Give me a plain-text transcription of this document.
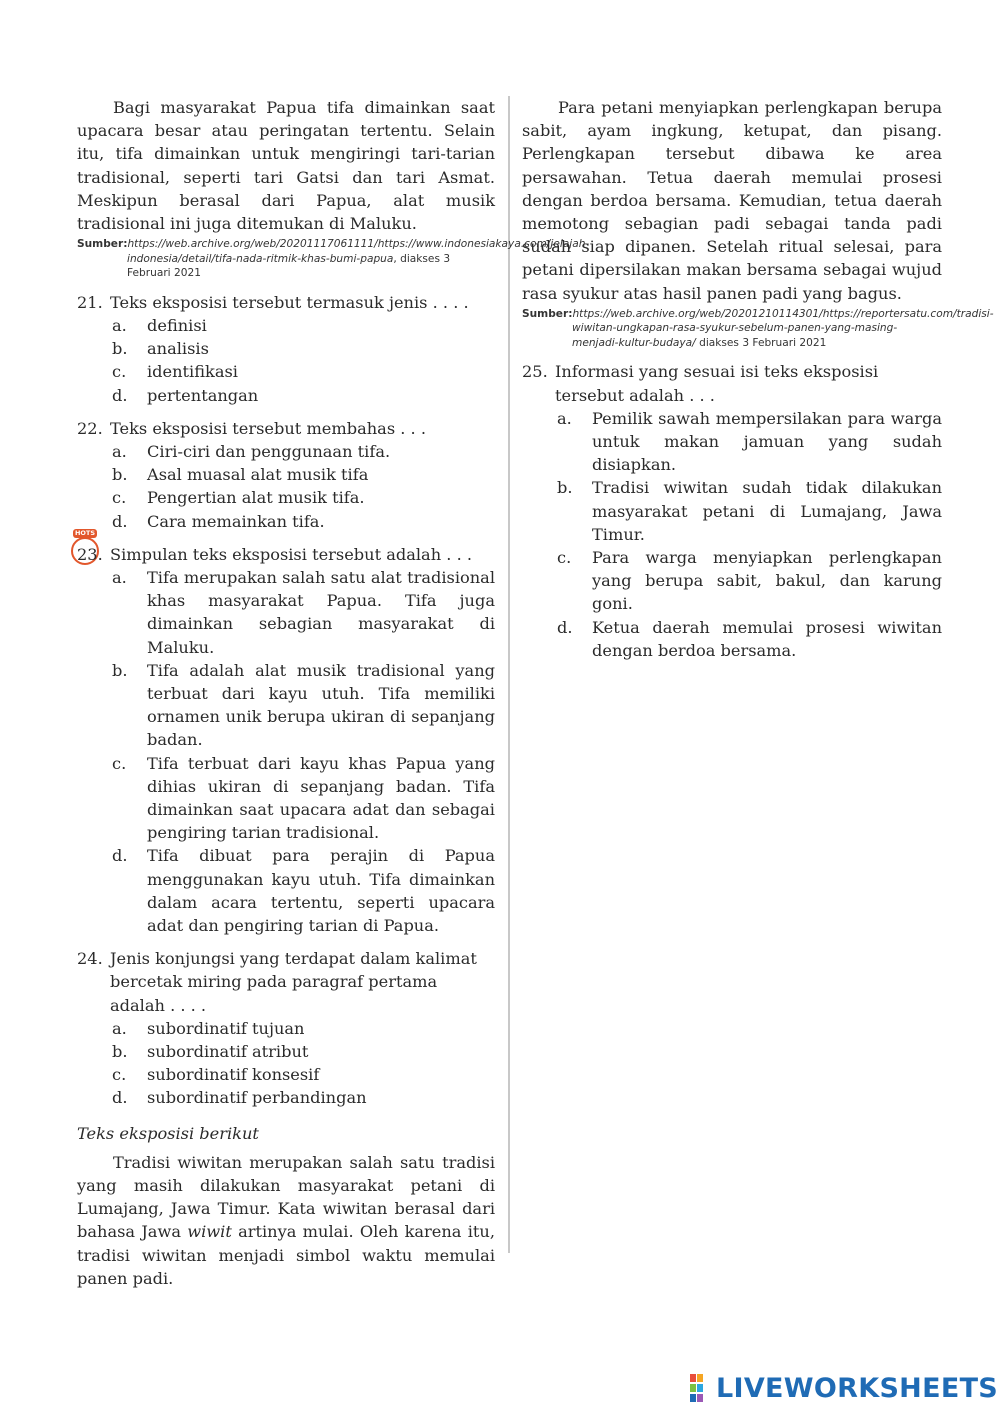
Bagi masyarakat Papua tifa dimainkan saat upacara besar atau peringatan tertentu. Selain itu, tifa dimainkan untuk mengiringi tari-tarian tradisional, seperti tari Gatsi dan tari Asmat. Meskipun berasal dari Papua, alat musik tradisional ini juga ditemukan di Maluku.

Sumber:https://web.archive.org/web/20201117061111/https://www.indonesiakaya.com/jelajah-indonesia/detail/tifa-nada-ritmik-khas-bumi-papua, diakses 3 Februari 2021

21. Teks eksposisi tersebut termasuk jenis . . . .
a. definisi
b. analisis
c. identifikasi
d. pertentangan
22. Teks eksposisi tersebut membahas . . .
a. Ciri-ciri dan penggunaan tifa.
b. Asal muasal alat musik tifa
c. Pengertian alat musik tifa.
d. Cara memainkan tifa.
HOTS
23. Simpulan teks eksposisi tersebut adalah . . .
a. Tifa merupakan salah satu alat tradisional khas masyarakat Papua. Tifa juga dimainkan sebagian masyarakat di Maluku.
b. Tifa adalah alat musik tradisional yang terbuat dari kayu utuh. Tifa memiliki ornamen unik berupa ukiran di sepanjang badan.
c. Tifa terbuat dari kayu khas Papua yang dihias ukiran di sepanjang badan. Tifa dimainkan saat upacara adat dan sebagai pengiring tarian tradisional.
d. Tifa dibuat para perajin di Papua menggunakan kayu utuh. Tifa dimainkan dalam acara tertentu, seperti upacara adat dan pengiring tarian di Papua.
24. Jenis konjungsi yang terdapat dalam kalimat bercetak miring pada paragraf pertama adalah . . . .
a. subordinatif tujuan
b. subordinatif atribut
c. subordinatif konsesif
d. subordinatif perbandingan

Teks eksposisi berikut

Tradisi wiwitan merupakan salah satu tradisi yang masih dilakukan masyarakat petani di Lumajang, Jawa Timur. Kata wiwitan berasal dari bahasa Jawa wiwit artinya mulai. Oleh karena itu, tradisi wiwitan menjadi simbol waktu memulai panen padi.

Para petani menyiapkan perlengkapan berupa sabit, ayam ingkung, ketupat, dan pisang. Perlengkapan tersebut dibawa ke area persawahan. Tetua daerah memulai prosesi dengan berdoa bersama. Kemudian, tetua daerah memotong sebagian padi sebagai tanda padi sudah siap dipanen. Setelah ritual selesai, para petani dipersilakan makan bersama sebagai wujud rasa syukur atas hasil panen padi yang bagus.

Sumber:https://web.archive.org/web/20201210114301/https://reportersatu.com/tradisi-wiwitan-ungkapan-rasa-syukur-sebelum-panen-yang-masing-menjadi-kultur-budaya/ diakses 3 Februari 2021

25. Informasi yang sesuai isi teks eksposisi tersebut adalah . . .
a. Pemilik sawah mempersilakan para warga untuk makan jamuan yang sudah disiapkan.
b. Tradisi wiwitan sudah tidak dilakukan masyarakat petani di Lumajang, Jawa Timur.
c. Para warga menyiapkan perlengkapan yang berupa sabit, bakul, dan karung goni.
d. Ketua daerah memulai prosesi wiwitan dengan berdoa bersama.
LIVEWORKSHEETS
